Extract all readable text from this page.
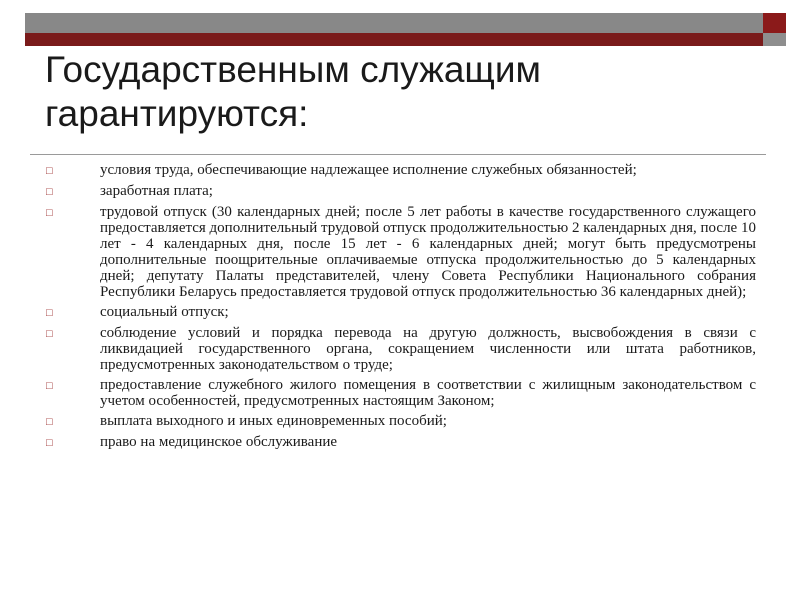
Государственным служащим гарантируются:
□	условия труда, обеспечивающие надлежащее исполнение служебных обязанностей;
□	заработная плата;
□	трудовой отпуск (30 календарных дней; после 5 лет работы в качестве государственного служащего предоставляется дополнительный трудовой отпуск продолжительностью 2 календарных дня, после 10 лет - 4 календарных дня, после 15 лет - 6 календарных дней; могут быть предусмотрены дополнительные поощрительные оплачиваемые отпуска продолжительностью до 5 календарных дней; депутату Палаты представителей, члену Совета Республики Национального собрания Республики Беларусь предоставляется трудовой отпуск продолжительностью 36 календарных дней);
□	социальный отпуск;
□	соблюдение условий и порядка перевода на другую должность, высвобождения в связи с ликвидацией государственного органа, сокращением численности или штата работников, предусмотренных законодательством о труде;
□	предоставление служебного жилого помещения в соответствии с жилищным законодательством с учетом особенностей, предусмотренных настоящим Законом;
□	выплата выходного и иных единовременных пособий;
□	право на медицинское обслуживание
